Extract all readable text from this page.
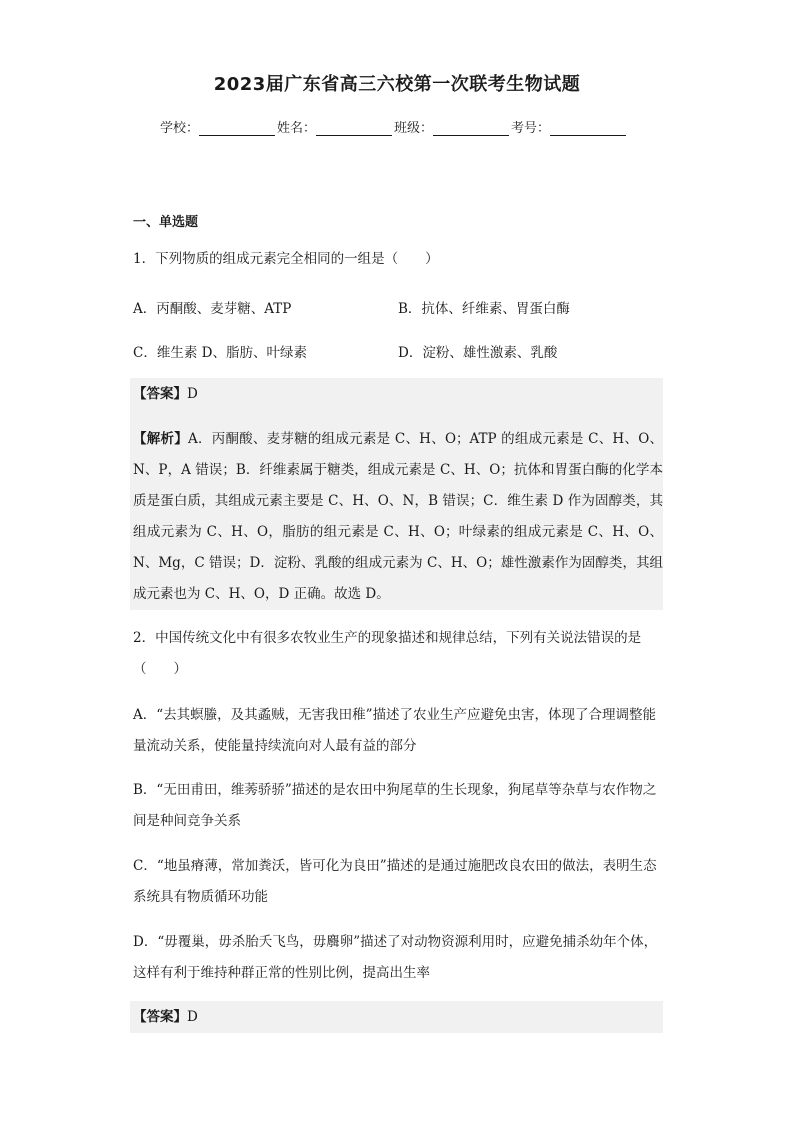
2023届广东省高三六校第一次联考生物试题
学校：	姓名：	班级：	考号：
一、单选题
1．下列物质的组成元素完全相同的一组是（　　）
A．丙酮酸、麦芽糖、ATP	B．抗体、纤维素、胃蛋白酶
C．维生素 D、脂肪、叶绿素	D．淀粉、雄性激素、乳酸
【答案】D
【解析】A．丙酮酸、麦芽糖的组成元素是 C、H、O；ATP 的组成元素是 C、H、O、N、P，A 错误；B．纤维素属于糖类，组成元素是 C、H、O；抗体和胃蛋白酶的化学本质是蛋白质，其组成元素主要是 C、H、O、N，B 错误；C．维生素 D 作为固醇类，其组成元素为 C、H、O，脂肪的组元素是 C、H、O；叶绿素的组成元素是 C、H、O、N、Mg，C 错误；D．淀粉、乳酸的组成元素为 C、H、O；雄性激素作为固醇类，其组成元素也为 C、H、O，D 正确。故选 D。
2．中国传统文化中有很多农牧业生产的现象描述和规律总结，下列有关说法错误的是（　　）
A．“去其螟螣，及其蟊贼，无害我田稚”描述了农业生产应避免虫害，体现了合理调整能量流动关系，使能量持续流向对人最有益的部分
B．“无田甫田，维莠骄骄”描述的是农田中狗尾草的生长现象，狗尾草等杂草与农作物之间是种间竞争关系
C．“地虽瘠薄，常加粪沃，皆可化为良田”描述的是通过施肥改良农田的做法，表明生态系统具有物质循环功能
D．“毋覆巢，毋杀胎夭飞鸟，毋麛卵”描述了对动物资源利用时，应避免捕杀幼年个体，这样有利于维持种群正常的性别比例，提高出生率
【答案】D
